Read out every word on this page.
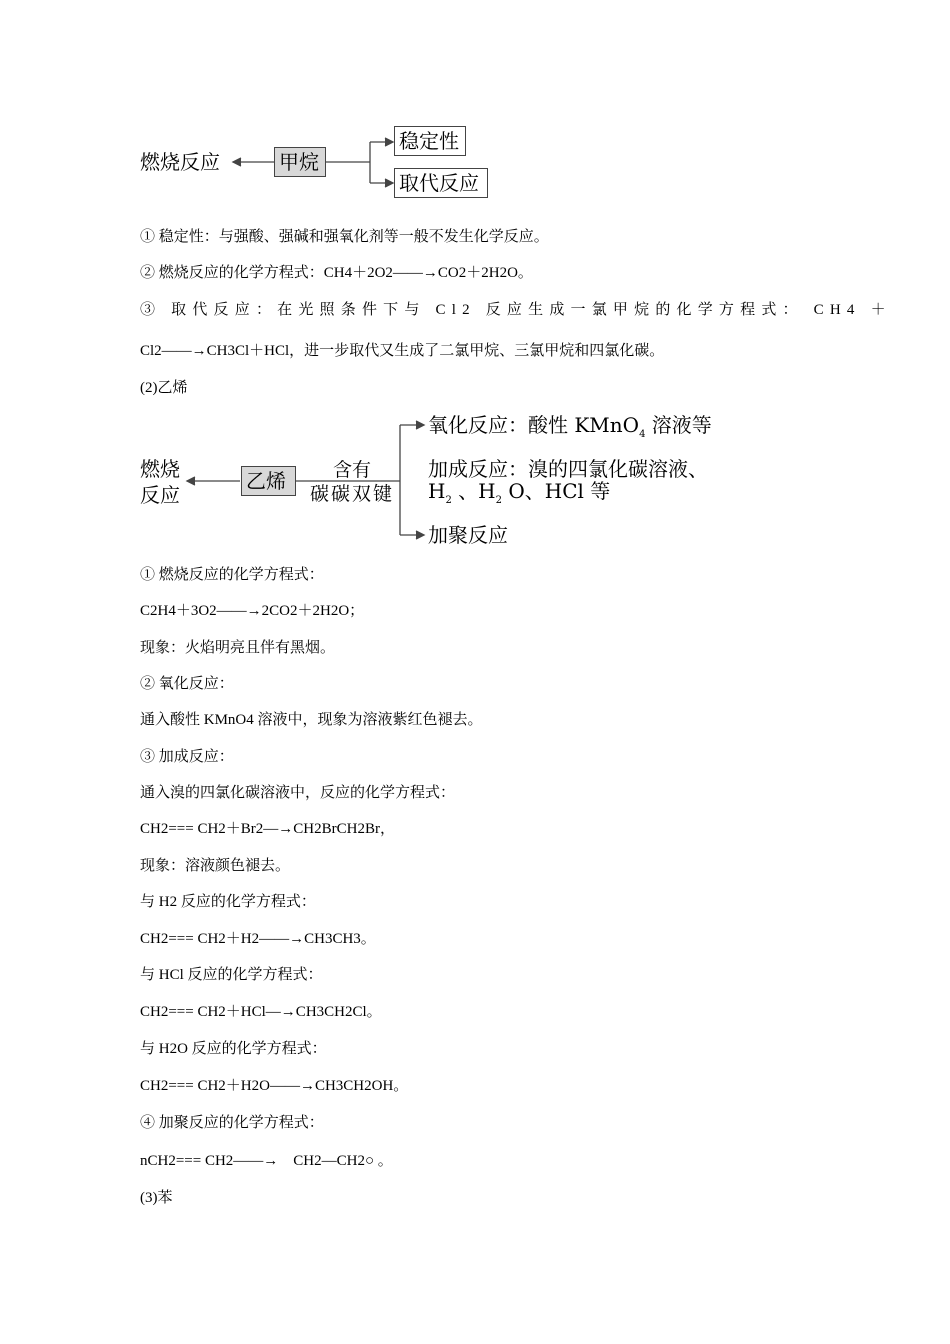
燃烧反应	甲烷
稳定性
取代反应
① 稳定性：与强酸、强碱和强氧化剂等一般不发生化学反应。
② 燃烧反应的化学方程式：CH4＋2O2——→CO2＋2H2O。
③ 取代反应：在光照条件下与 Cl2 反应生成一氯甲烷的化学方程式： CH4 ＋
Cl2——→CH3Cl＋HCl，进一步取代又生成了二氯甲烷、三氯甲烷和四氯化碳。
(2)乙烯
燃烧
反应
乙烯 含有
碳碳双键
氧化反应：酸性 KMnO$_4$ 溶液等
加成反应：溴的四氯化碳溶液、
$H_2$ 、$H_2$ O、HCl 等
加聚反应
① 燃烧反应的化学方程式：
C2H4＋3O2——→2CO2＋2H2O；
现象：火焰明亮且伴有黑烟。
② 氧化反应：
通入酸性 KMnO4 溶液中，现象为溶液紫红色褪去。
③ 加成反应：
通入溴的四氯化碳溶液中，反应的化学方程式：
CH2=== CH2＋Br2—→CH2BrCH2Br，
现象：溶液颜色褪去。
与 H2 反应的化学方程式：
CH2=== CH2＋H2——→CH3CH3。
与 HCl 反应的化学方程式：
CH2=== CH2＋HCl—→CH3CH2Cl。
与 H2O 反应的化学方程式：
CH2=== CH2＋H2O——→CH3CH2OH。
④ 加聚反应的化学方程式：
nCH2=== CH2——→　CH2—CH2○ 。
(3)苯
